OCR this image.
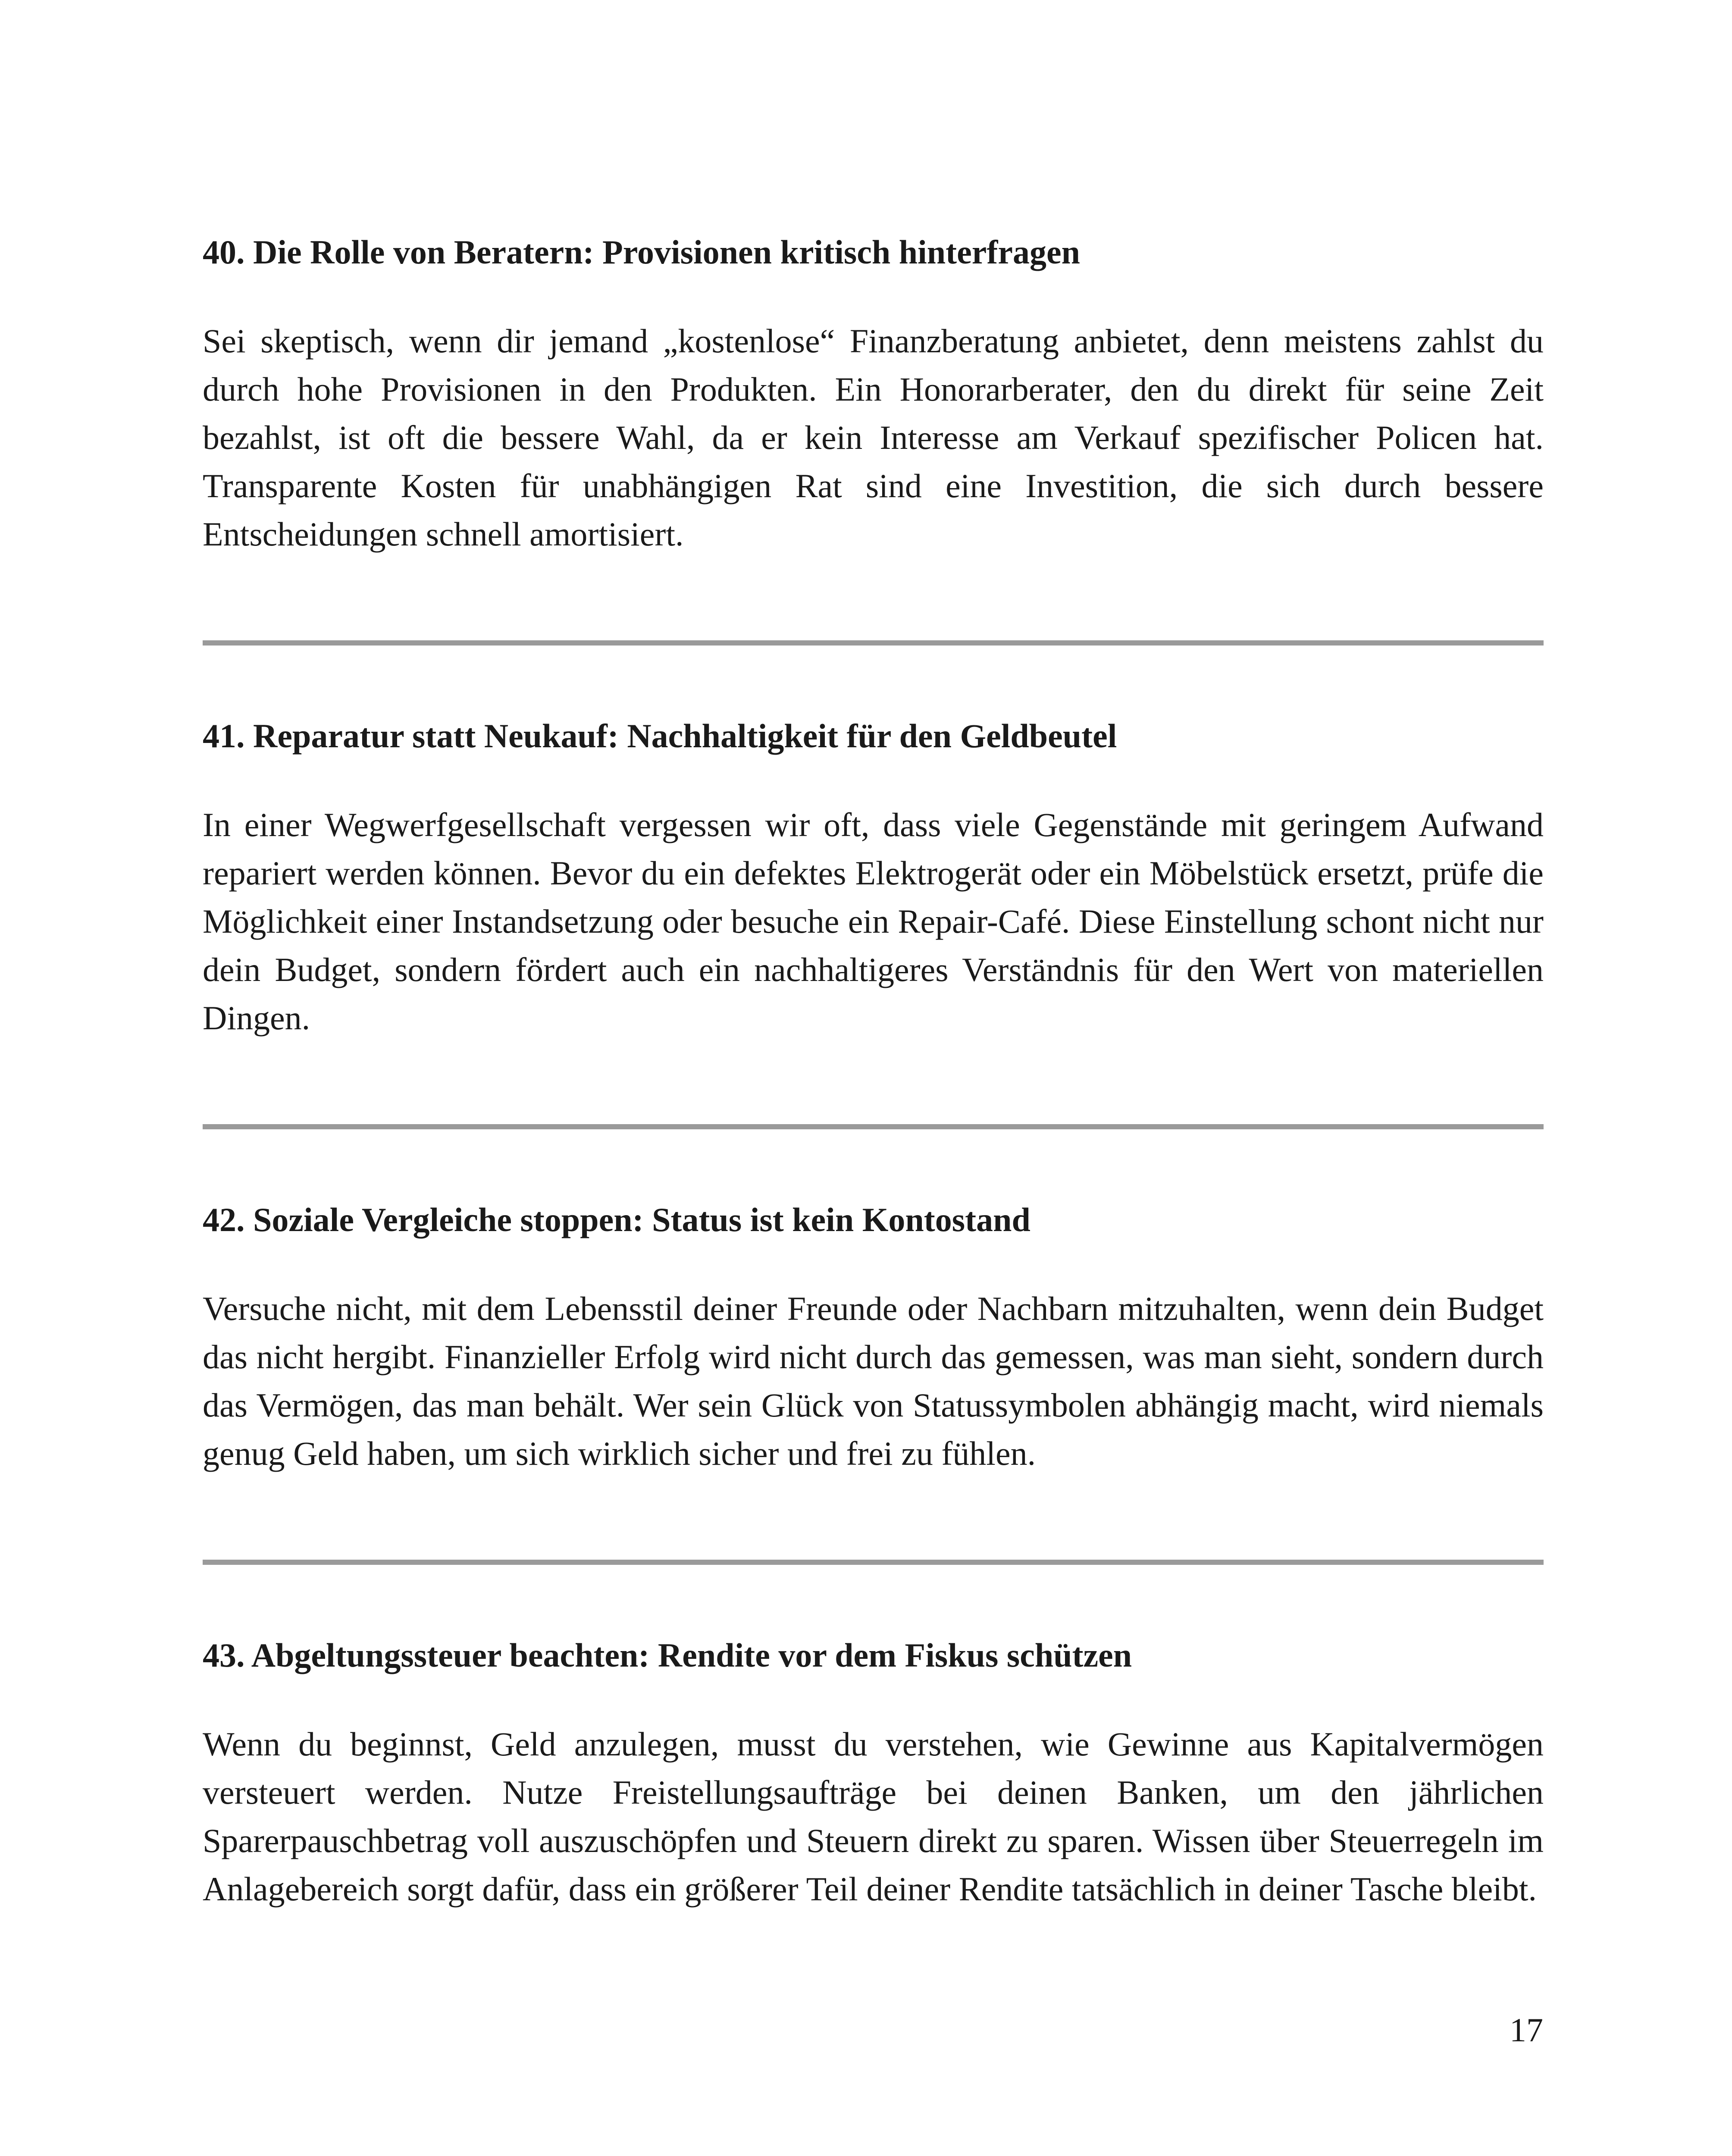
40. Die Rolle von Beratern: Provisionen kritisch hinterfragen

Sei skeptisch, wenn dir jemand „kostenlose“ Finanzberatung anbietet, denn meistens zahlst du durch hohe Provisionen in den Produkten. Ein Honorarberater, den du direkt für seine Zeit bezahlst, ist oft die bessere Wahl, da er kein Interesse am Verkauf spezifischer Policen hat. Transparente Kosten für unabhängigen Rat sind eine Investition, die sich durch bessere Entscheidungen schnell amortisiert.

41. Reparatur statt Neukauf: Nachhaltigkeit für den Geldbeutel

In einer Wegwerfgesellschaft vergessen wir oft, dass viele Gegenstände mit geringem Aufwand repariert werden können. Bevor du ein defektes Elektrogerät oder ein Möbelstück ersetzt, prüfe die Möglichkeit einer Instandsetzung oder besuche ein Repair-Café. Diese Einstellung schont nicht nur dein Budget, sondern fördert auch ein nachhaltigeres Verständnis für den Wert von materiellen Dingen.

42. Soziale Vergleiche stoppen: Status ist kein Kontostand

Versuche nicht, mit dem Lebensstil deiner Freunde oder Nachbarn mitzuhalten, wenn dein Budget das nicht hergibt. Finanzieller Erfolg wird nicht durch das gemessen, was man sieht, sondern durch das Vermögen, das man behält. Wer sein Glück von Statussymbolen abhängig macht, wird niemals genug Geld haben, um sich wirklich sicher und frei zu fühlen.

43. Abgeltungssteuer beachten: Rendite vor dem Fiskus schützen

Wenn du beginnst, Geld anzulegen, musst du verstehen, wie Gewinne aus Kapitalvermögen versteuert werden. Nutze Freistellungsaufträge bei deinen Banken, um den jährlichen Sparerpauschbetrag voll auszuschöpfen und Steuern direkt zu sparen. Wissen über Steuerregeln im Anlagebereich sorgt dafür, dass ein größerer Teil deiner Rendite tatsächlich in deiner Tasche bleibt.

17
